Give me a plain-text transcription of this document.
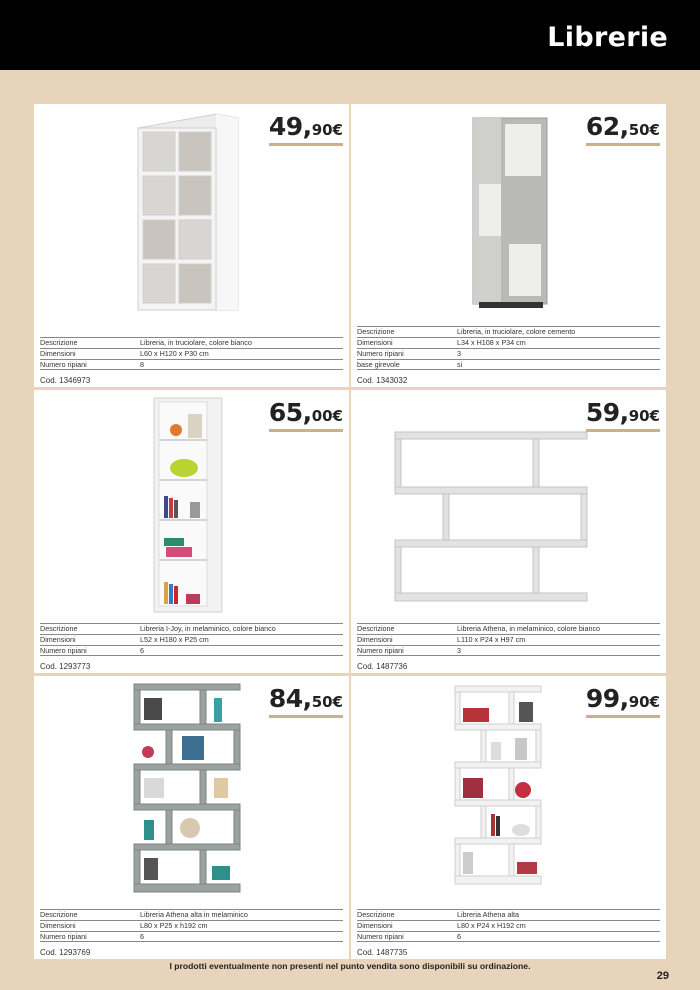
Librerie
49,90€
Descrizione	Libreria, in truciolare, colore bianco
Dimensioni	L60 x H120 x P30 cm
Numero ripiani	8
Cod. 1346973
62,50€
Descrizione	Libreria, in truciolare, colore cemento
Dimensioni	L34 x H108 x P34 cm
Numero ripiani	3
base girevole	si
Cod. 1343032
65,00€
Descrizione	Libreria I-Joy, in melaminico, colore bianco
Dimensioni	L52 x H180 x P25 cm
Numero ripiani	6
Cod. 1293773
59,90€
Descrizione	Libreria Athena, in melaminico, colore bianco
Dimensioni	L110 x P24 x H97 cm
Numero ripiani	3
Cod. 1487736
84,50€
Descrizione	Libreria Athena alta in melaminico
Dimensioni	L80 x P25 x h192 cm
Numero ripiani	6
Cod. 1293769
99,90€
Descrizione	Libreria Athena alta
Dimensioni	L80 x P24 x H192 cm
Numero ripiani	6
Cod. 1487735
I prodotti eventualmente non presenti nel punto vendita sono disponibili su ordinazione.
29
